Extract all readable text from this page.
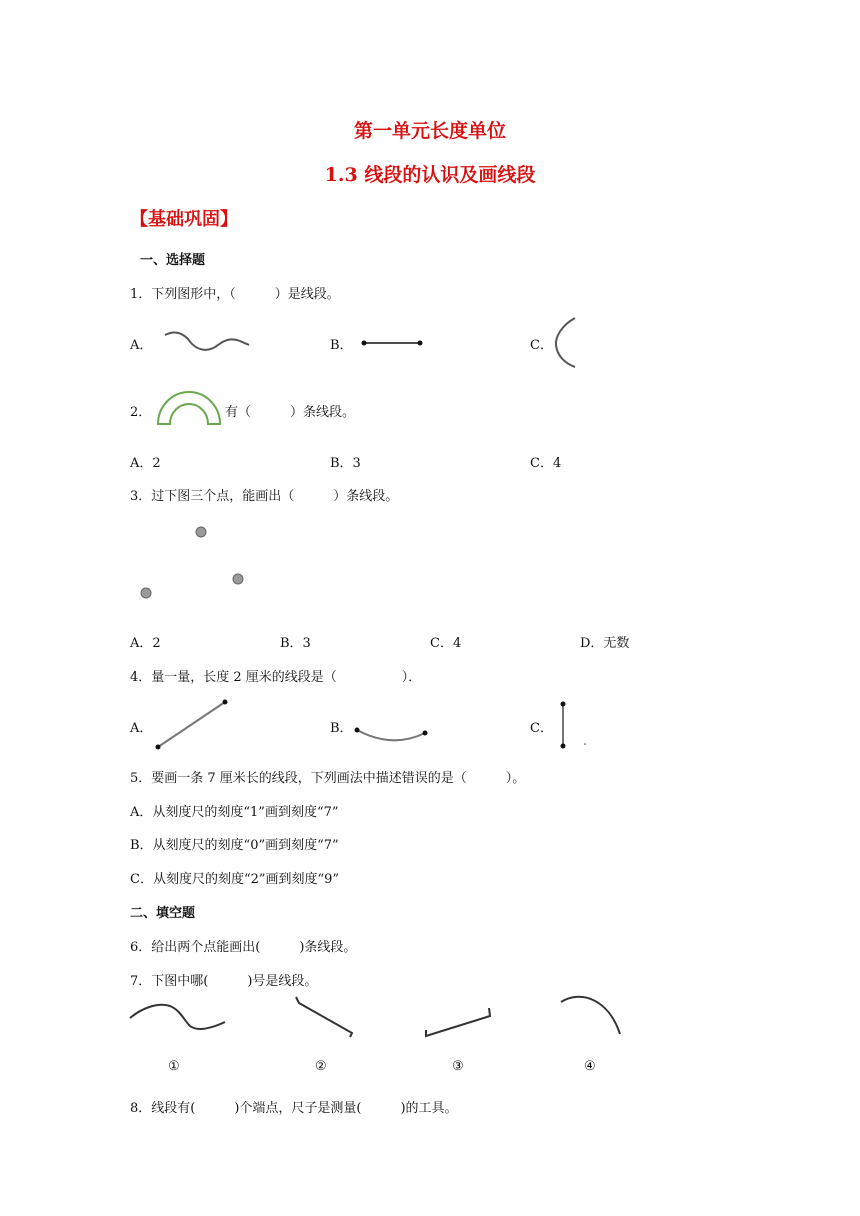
第一单元长度单位
1.3 线段的认识及画线段
【基础巩固】
一、选择题
1．下列图形中，（　　　）是线段。
A．	B．	C．
2．	有（　　　）条线段。
A．2	B．3	C．4
3．过下图三个点，能画出（　　　）条线段。
A．2	B．3	C．4	D．无数
4．量一量，长度 2 厘米的线段是（　　　　　）．
A．	B．	C．
5．要画一条 7 厘米长的线段，下列画法中描述错误的是（　　　）。
A．从刻度尺的刻度“1”画到刻度“7”
B．从刻度尺的刻度“0”画到刻度“7”
C．从刻度尺的刻度“2”画到刻度“9”
二、填空题
6．给出两个点能画出(　　　)条线段。
7．下图中哪(　　　)号是线段。
①	②	③	④
8．线段有(　　　)个端点，尺子是测量(　　　)的工具。
